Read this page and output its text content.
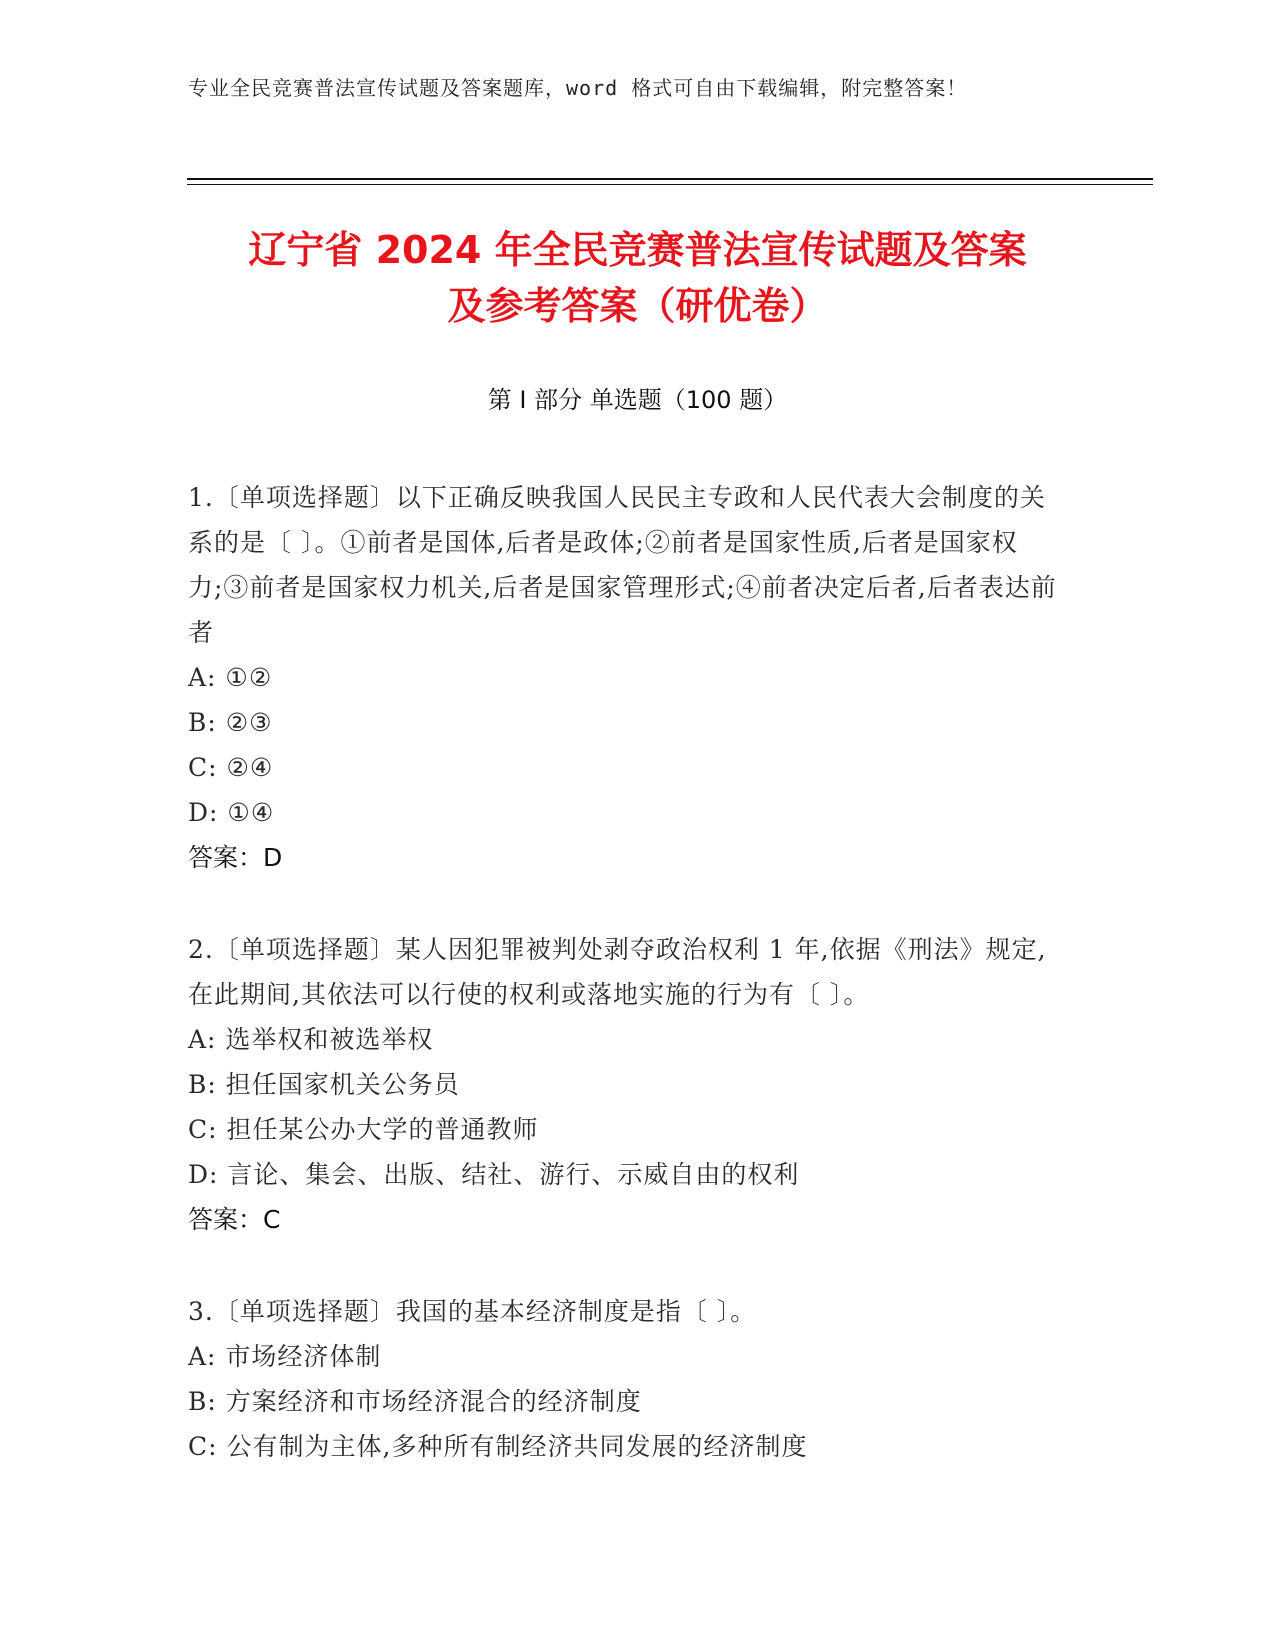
专业全民竞赛普法宣传试题及答案题库，word 格式可自由下载编辑，附完整答案！
辽宁省 2024 年全民竞赛普法宣传试题及答案
及参考答案（研优卷）
第 I 部分 单选题（100 题）

1.〔单项选择题〕以下正确反映我国人民民主专政和人民代表大会制度的关系的是〔 〕。①前者是国体,后者是政体;②前者是国家性质,后者是国家权力;③前者是国家权力机关,后者是国家管理形式;④前者决定后者,后者表达前者

A: ①②

B: ②③

C: ②④

D: ①④

答案：D

2.〔单项选择题〕某人因犯罪被判处剥夺政治权利 1 年,依据《刑法》规定,在此期间,其依法可以行使的权利或落地实施的行为有〔 〕。

A: 选举权和被选举权

B: 担任国家机关公务员

C: 担任某公办大学的普通教师

D: 言论、集会、出版、结社、游行、示威自由的权利

答案：C

3.〔单项选择题〕我国的基本经济制度是指〔 〕。

A: 市场经济体制

B: 方案经济和市场经济混合的经济制度

C: 公有制为主体,多种所有制经济共同发展的经济制度
